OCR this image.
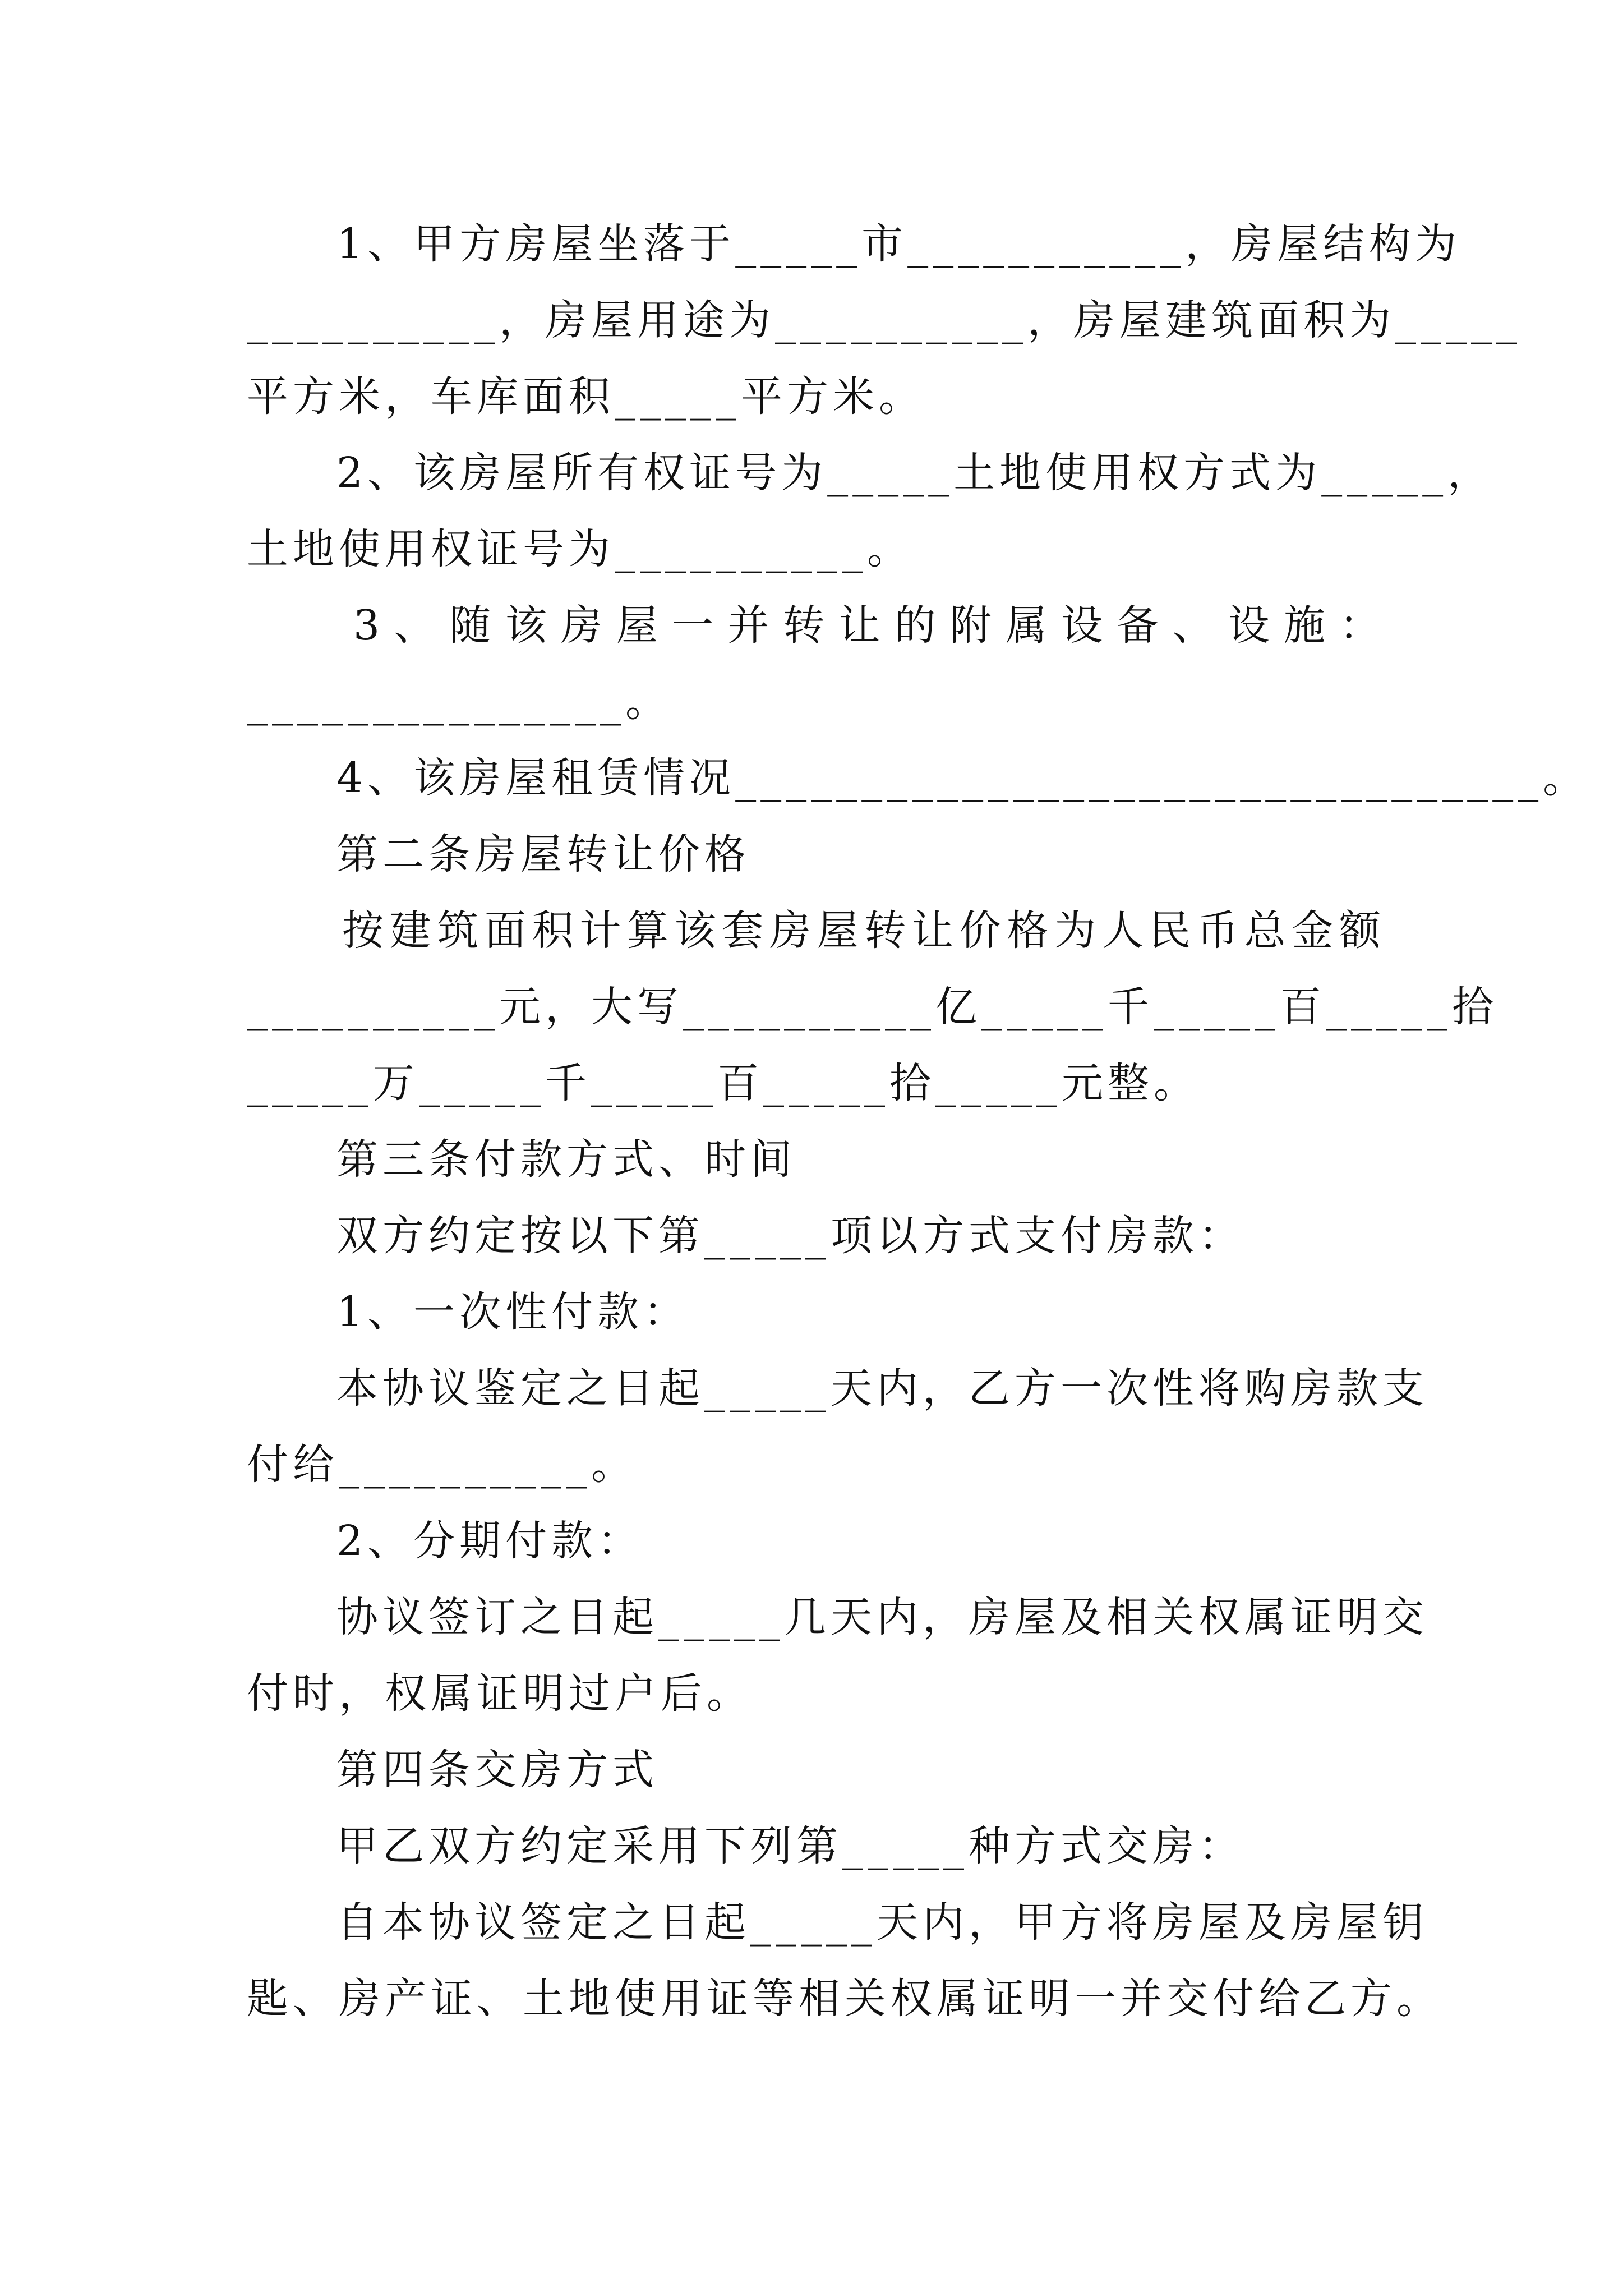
1、甲方房屋坐落于_____市___________，房屋结构为
__________，房屋用途为__________，房屋建筑面积为_____
平方米，车库面积_____平方米。
2、该房屋所有权证号为_____土地使用权方式为_____，
土地使用权证号为__________。
3、随该房屋一并转让的附属设备、设施：
_______________。
4、该房屋租赁情况________________________________。
第二条房屋转让价格
按建筑面积计算该套房屋转让价格为人民币总金额
__________元，大写__________亿_____千_____百_____拾
_____万_____千_____百_____拾_____元整。
第三条付款方式、时间
双方约定按以下第_____项以方式支付房款：
1、一次性付款：
本协议鉴定之日起_____天内，乙方一次性将购房款支
付给__________。
2、分期付款：
协议签订之日起_____几天内，房屋及相关权属证明交
付时，权属证明过户后。
第四条交房方式
甲乙双方约定采用下列第_____种方式交房：
自本协议签定之日起_____天内，甲方将房屋及房屋钥
匙、房产证、土地使用证等相关权属证明一并交付给乙方。
